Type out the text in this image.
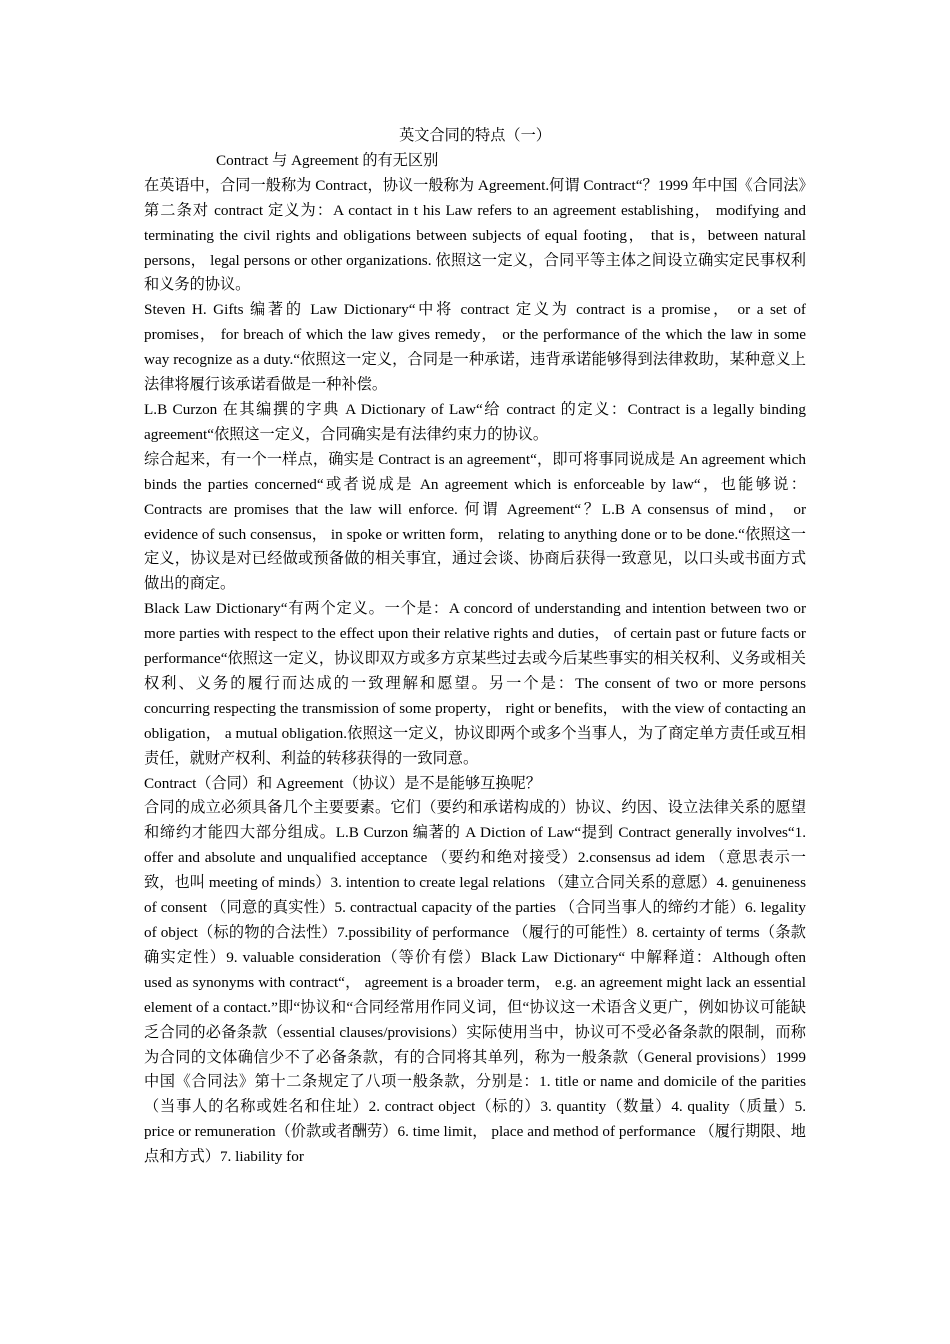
英文合同的特点（一）

Contract 与 Agreement 的有无区别

在英语中，合同一般称为 Contract，协议一般称为 Agreement.何谓 Contract“？1999 年中国《合同法》第二条对 contract 定义为：A contact in t his Law refers to an agreement establishing， modifying and terminating the civil rights and obligations between subjects of equal footing， that is，between natural persons， legal persons or other organizations. 依照这一定义，合同平等主体之间设立确实定民事权利和义务的协议。

Steven H. Gifts 编著的 Law Dictionary“中将 contract 定义为 contract is a promise， or a set of promises， for breach of which the law gives remedy， or the performance of the which the law in some way recognize as a duty.“依照这一定义，合同是一种承诺，违背承诺能够得到法律救助，某种意义上法律将履行该承诺看做是一种补偿。

L.B Curzon 在其编撰的字典 A Dictionary of Law“给 contract 的定义：Contract is a legally binding agreement“依照这一定义，合同确实是有法律约束力的协议。

综合起来，有一个一样点，确实是 Contract is an agreement“，即可将事同说成是 An agreement which binds the parties concerned“或者说成是 An agreement which is enforceable by law“，也能够说：Contracts are promises that the law will enforce. 何谓 Agreement“？L.B A consensus of mind， or evidence of such consensus， in spoke or written form， relating to anything done or to be done.“依照这一定义，协议是对已经做或预备做的相关事宜，通过会谈、协商后获得一致意见，以口头或书面方式做出的商定。

Black Law Dictionary“有两个定义。一个是：A concord of understanding and intention between two or more parties with respect to the effect upon their relative rights and duties， of certain past or future facts or performance“依照这一定义，协议即双方或多方京某些过去或今后某些事实的相关权利、义务或相关权利、义务的履行而达成的一致理解和愿望。另一个是：The consent of two or more persons concurring respecting the transmission of some property， right or benefits， with the view of contacting an obligation， a mutual obligation.依照这一定义，协议即两个或多个当事人，为了商定单方责任或互相责任，就财产权利、利益的转移获得的一致同意。

Contract（合同）和 Agreement（协议）是不是能够互换呢？

合同的成立必须具备几个主要要素。它们（要约和承诺构成的）协议、约因、设立法律关系的愿望和缔约才能四大部分组成。L.B Curzon 编著的 A Diction of Law“提到 Contract generally involves“1. offer and absolute and unqualified acceptance （要约和绝对接受）2.consensus ad idem （意思表示一致，也叫 meeting of minds）3. intention to create legal relations （建立合同关系的意愿）4. genuineness of consent （同意的真实性）5. contractual capacity of the parties （合同当事人的缔约才能）6. legality of object（标的物的合法性）7.possibility of performance （履行的可能性）8. certainty of terms（条款确实定性）9. valuable consideration（等价有偿）Black Law Dictionary“ 中解释道：Although often used as synonyms with contract“， agreement is a broader term， e.g. an agreement might lack an essential element of a contact.”即“协议和“合同经常用作同义词，但“协议这一术语含义更广，例如协议可能缺乏合同的必备条款（essential clauses/provisions）实际使用当中，协议可不受必备条款的限制，而称为合同的文体确信少不了必备条款，有的合同将其单列，称为一般条款（General provisions）1999 中国《合同法》第十二条规定了八项一般条款，分别是：1. title or name and domicile of the parities（当事人的名称或姓名和住址）2. contract object（标的）3. quantity（数量）4. quality（质量）5. price or remuneration（价款或者酬劳）6. time limit， place and method of performance （履行期限、地点和方式）7. liability for
